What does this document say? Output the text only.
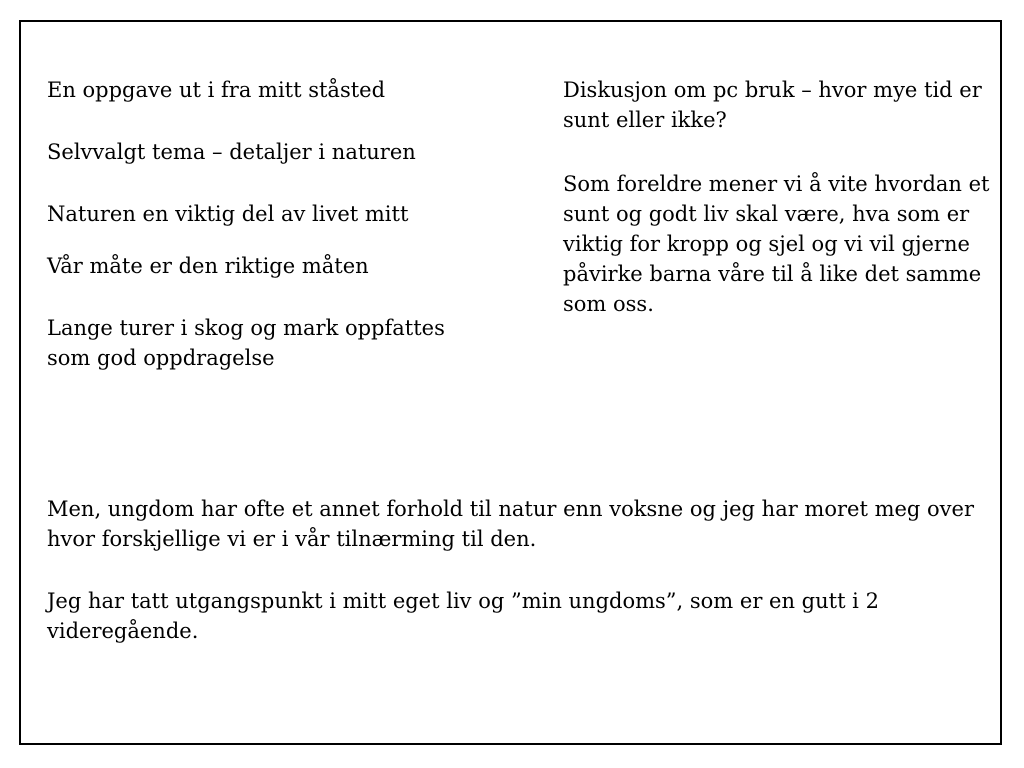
En oppgave ut i fra mitt ståsted

Selvvalgt tema – detaljer i naturen

Naturen en viktig del av livet mitt

Vår måte er den riktige måten

Lange turer i skog og mark oppfattes som god oppdragelse

Diskusjon om pc bruk – hvor mye tid er sunt eller ikke?

Som foreldre mener vi å vite hvordan et sunt og godt liv skal være, hva som er viktig for kropp og sjel og vi vil gjerne påvirke barna våre til å like det samme som oss.

Men, ungdom har ofte et annet forhold til natur enn voksne og jeg har moret meg over hvor forskjellige vi er i vår tilnærming til den.

Jeg har tatt utgangspunkt i mitt eget liv og ”min ungdoms”, som er en gutt i 2 videregående.
